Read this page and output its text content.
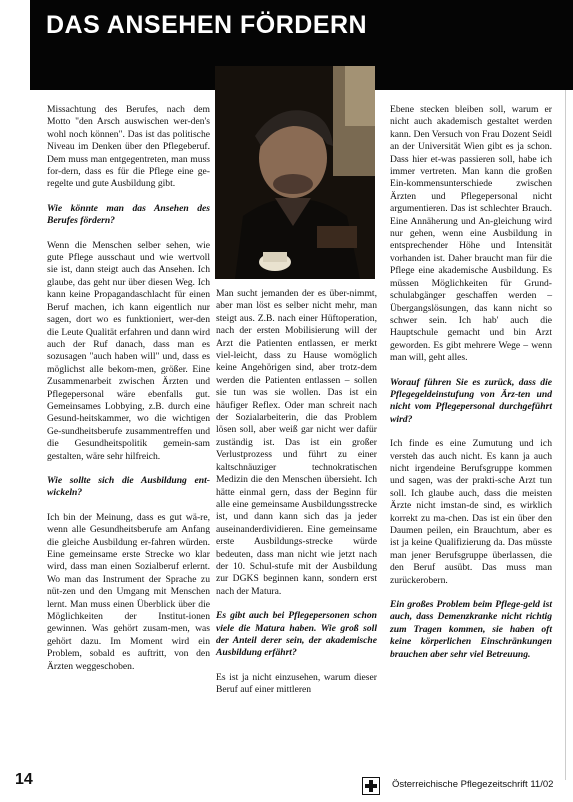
DAS ANSEHEN FÖRDERN

Missachtung des Berufes, nach dem Motto "den Arsch auswischen wer-den's wohl noch können". Das ist das politische Niveau im Denken über den Pflegeberuf. Dem muss man entgegentreten, man muss for-dern, dass es für die Pflege eine ge-regelte und gute Ausbildung gibt.

Wie könnte man das Ansehen des Berufes fördern?

Wenn die Menschen selber sehen, wie gute Pflege ausschaut und wie wertvoll sie ist, dann steigt auch das Ansehen. Ich glaube, das geht nur über diesen Weg. Ich kann keine Propagandaschlacht für einen Beruf machen, ich kann eigentlich nur sagen, dort wo es funktioniert, wer-den die Leute Qualität erfahren und dann wird auch der Ruf danach, dass man es sozusagen "auch haben will" und, dass es möglichst alle bekom-men, größer. Eine Zusammenarbeit zwischen Ärzten und Pflegepersonal wäre ebenfalls gut. Gemeinsames Lobbying, z.B. durch eine Gesund-heitskammer, wo die wichtigen Ge-sundheitsberufe zusammentreffen und die Gesundheitspolitik gemein-sam gestalten, wäre sehr hilfreich.

Wie sollte sich die Ausbildung ent-wickeln?

Ich bin der Meinung, dass es gut wä-re, wenn alle Gesundheitsberufe am Anfang die gleiche Ausbildung er-fahren würden. Eine gemeinsame erste Strecke wo klar wird, dass man einen Sozialberuf erlernt. Wo man das Instrument der Sprache zu nüt-zen und den Umgang mit Menschen lernt. Man muss einen Überblick über die Möglichkeiten der Institut-ionen gewinnen. Was gehört zusam-men, was gehört dazu. Im Moment wird ein Problem, sobald es auftritt, von den Ärzten weggeschoben.

Man sucht jemanden der es über-nimmt, aber man löst es selber nicht mehr, man steigt aus. Z.B. nach einer Hüftoperation, nach der ersten Mobilisierung will der Arzt die Patienten entlassen, er merkt viel-leicht, dass zu Hause womöglich keine Angehörigen sind, aber trotz-dem werden die Patienten entlassen – sollen sie tun was sie wollen. Das ist ein häufiger Reflex. Oder man schreit nach der Sozialarbeiterin, die das Problem lösen soll, aber weiß gar nicht wer dafür zuständig ist. Das ist ein großer Verlustprozess und führt zu einer kaltschnäuziger technokratischen Medizin die den Menschen übersieht. Ich hätte einmal gern, dass der Beginn für alle eine gemeinsame Ausbildungsstrecke ist, und dann kann sich das ja jeder auseinanderdividieren. Eine gemeinsame erste Ausbildungs-strecke würde bedeuten, dass man nicht wie jetzt nach der 10. Schul-stufe mit der Ausbildung zur DGKS beginnen kann, sondern erst nach der Matura.

Es gibt auch bei Pflegepersonen schon viele die Matura haben. Wie groß soll der Anteil derer sein, der akademische Ausbildung erfährt?

Es ist ja nicht einzusehen, warum dieser Beruf auf einer mittleren

Ebene stecken bleiben soll, warum er nicht auch akademisch gestaltet werden kann. Den Versuch von Frau Dozent Seidl an der Universität Wien gibt es ja schon. Dass hier et-was passieren soll, habe ich immer vertreten. Man kann die großen Ein-kommensunterschiede zwischen Ärzten und Pflegepersonal nicht argumentieren. Das ist schlechter Brauch. Eine Annäherung und An-gleichung wird nur gehen, wenn eine Ausbildung in entsprechender Höhe und Intensität vorhanden ist. Daher braucht man für die Pflege eine akademische Ausbildung. Es müssen Möglichkeiten für Grund-schulabgänger geschaffen werden – Übergangslösungen, das kann nicht so schwer sein. Ich hab' auch die Hauptschule gemacht und bin Arzt geworden. Es gibt mehrere Wege – wenn man will, geht alles.

Worauf führen Sie es zurück, dass die Pflegegeldeinstufung von Ärz-ten und nicht vom Pflegepersonal durchgeführt wird?

Ich finde es eine Zumutung und ich versteh das auch nicht. Es kann ja auch nicht irgendeine Berufsgruppe kommen und sagen, was der prakti-sche Arzt tun soll. Ich glaube auch, dass die meisten Ärzte nicht imstan-de sind, es wirklich korrekt zu ma-chen. Das ist ein über den Daumen peilen, ein Brauchtum, aber es ist ja keine Qualifizierung da. Das müsste man jener Berufsgruppe überlassen, die den Beruf ausübt. Das muss man zurückerobern.

Ein großes Problem beim Pflege-geld ist auch, dass Demenzkranke nicht richtig zum Tragen kommen, sie haben oft keine körperlichen Einschränkungen brauchen aber sehr viel Betreuung.

14	Österreichische Pflegezeitschrift 11/02
